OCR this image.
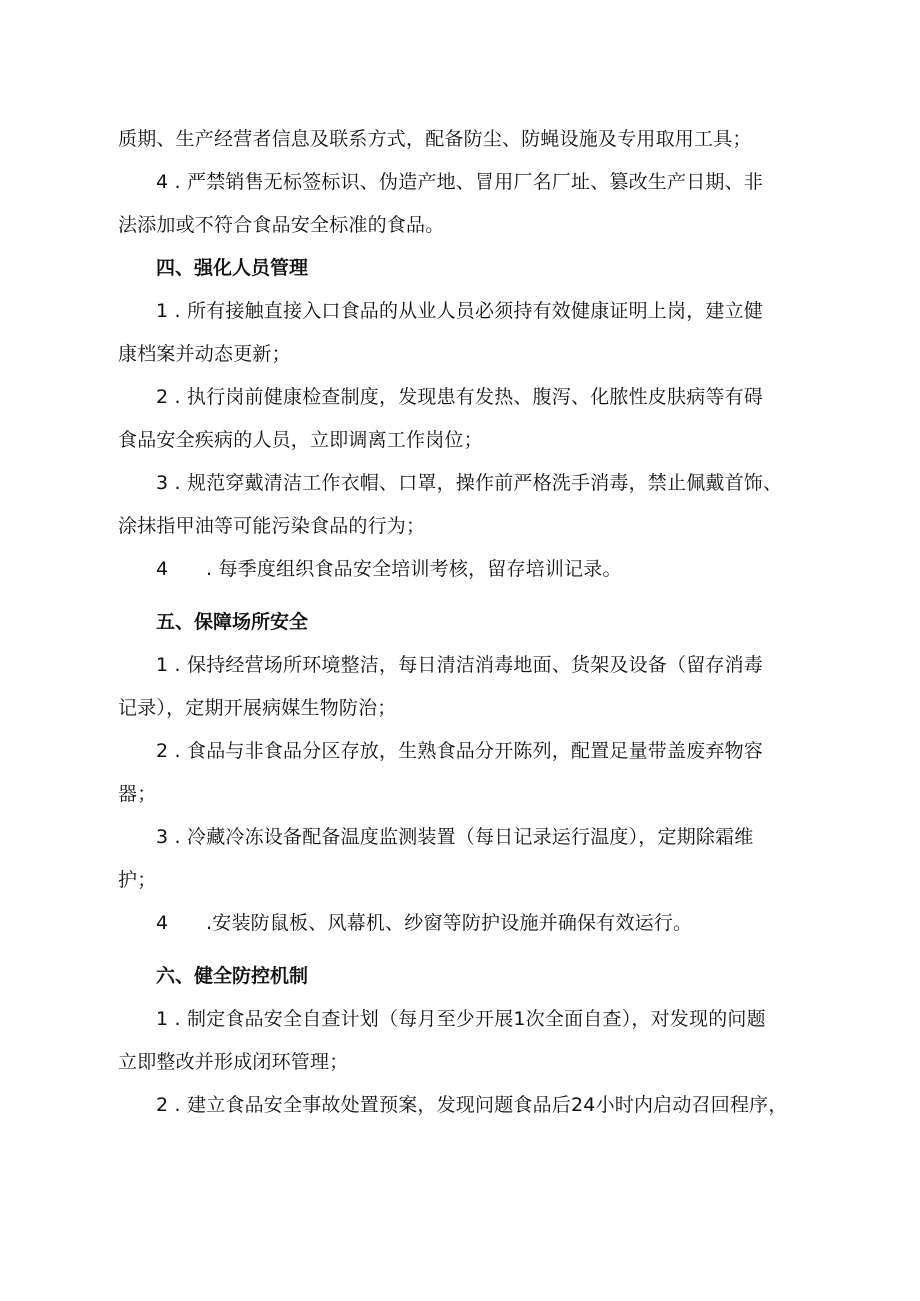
质期、生产经营者信息及联系方式，配备防尘、防蝇设施及专用取用工具；

4 . 严禁销售无标签标识、伪造产地、冒用厂名厂址、篡改生产日期、非

法添加或不符合食品安全标准的食品。

四、强化人员管理

1 . 所有接触直接入口食品的从业人员必须持有效健康证明上岗，建立健

康档案并动态更新；

2 . 执行岗前健康检查制度，发现患有发热、腹泻、化脓性皮肤病等有碍

食品安全疾病的人员，立即调离工作岗位；

3 . 规范穿戴清洁工作衣帽、口罩，操作前严格洗手消毒，禁止佩戴首饰、

涂抹指甲油等可能污染食品的行为；

4 . 每季度组织食品安全培训考核，留存培训记录。

五、保障场所安全

1 . 保持经营场所环境整洁，每日清洁消毒地面、货架及设备（留存消毒

记录），定期开展病媒生物防治；

2 . 食品与非食品分区存放，生熟食品分开陈列，配置足量带盖废弃物容

器；

3 . 冷藏冷冻设备配备温度监测装置（每日记录运行温度），定期除霜维

护；

4 .安装防鼠板、风幕机、纱窗等防护设施并确保有效运行。

六、健全防控机制

1 . 制定食品安全自查计划（每月至少开展1次全面自查），对发现的问题

立即整改并形成闭环管理；

2 . 建立食品安全事故处置预案，发现问题食品后24小时内启动召回程序，
